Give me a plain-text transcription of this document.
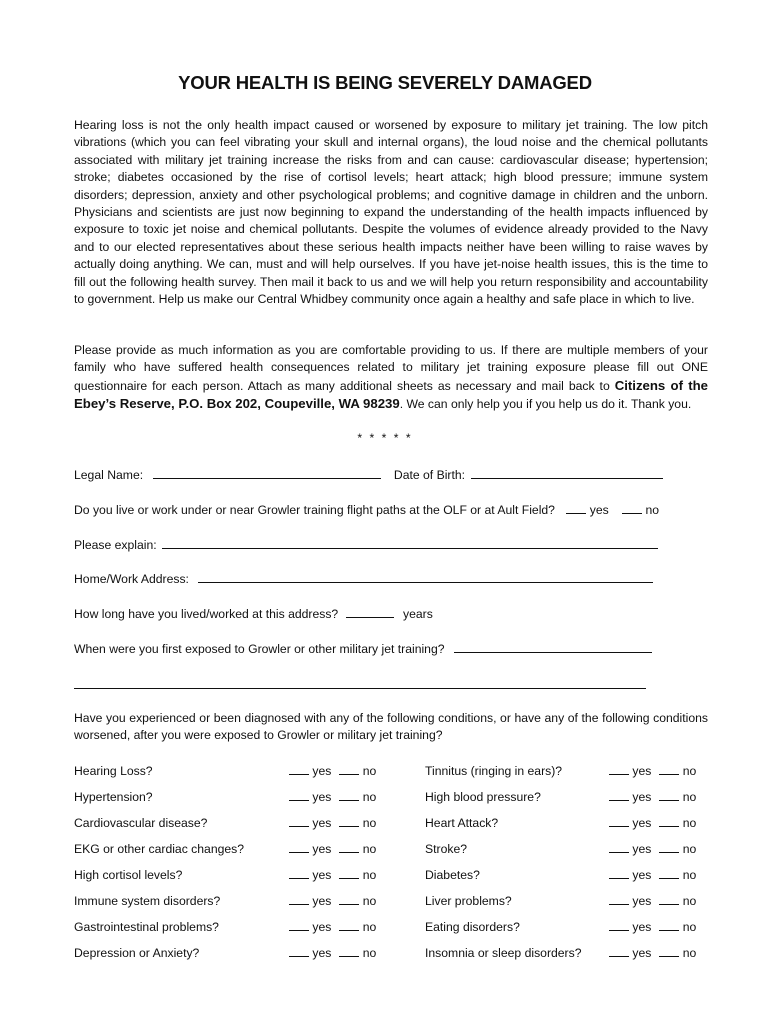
YOUR HEALTH IS BEING SEVERELY DAMAGED
Hearing loss is not the only health impact caused or worsened by exposure to military jet training. The low pitch vibrations (which you can feel vibrating your skull and internal organs), the loud noise and the chemical pollutants associated with military jet training increase the risks from and can cause: cardiovascular disease; hypertension; stroke; diabetes occasioned by the rise of cortisol levels; heart attack; high blood pressure; immune system disorders; depression, anxiety and other psychological problems; and cognitive damage in children and the unborn. Physicians and scientists are just now beginning to expand the understanding of the health impacts influenced by exposure to toxic jet noise and chemical pollutants. Despite the volumes of evidence already provided to the Navy and to our elected representatives about these serious health impacts neither have been willing to raise waves by actually doing anything. We can, must and will help ourselves. If you have jet-noise health issues, this is the time to fill out the following health survey. Then mail it back to us and we will help you return responsibility and accountability to government. Help us make our Central Whidbey community once again a healthy and safe place in which to live.
Please provide as much information as you are comfortable providing to us. If there are multiple members of your family who have suffered health consequences related to military jet training exposure please fill out ONE questionnaire for each person. Attach as many additional sheets as necessary and mail back to Citizens of the Ebey’s Reserve, P.O. Box 202, Coupeville, WA 98239. We can only help you if you help us do it. Thank you.
* * * * *
Legal Name:	Date of Birth:
Do you live or work under or near Growler training flight paths at the OLF or at Ault Field?	yes	no
Please explain:
Home/Work Address:
How long have you lived/worked at this address?	years
When were you first exposed to Growler or other military jet training?
Have you experienced or been diagnosed with any of the following conditions, or have any of the following conditions worsened, after you were exposed to Growler or military jet training?
Hearing Loss?	yes no
Hypertension?	yes no
Cardiovascular disease?	yes no
EKG or other cardiac changes?	yes no
High cortisol levels?	yes no
Immune system disorders?	yes no
Gastrointestinal problems?	yes no
Depression or Anxiety?	yes no
Tinnitus (ringing in ears)?	yes no
High blood pressure?	yes no
Heart Attack?	yes no
Stroke?	yes no
Diabetes?	yes no
Liver problems?	yes no
Eating disorders?	yes no
Insomnia or sleep disorders?	yes no
